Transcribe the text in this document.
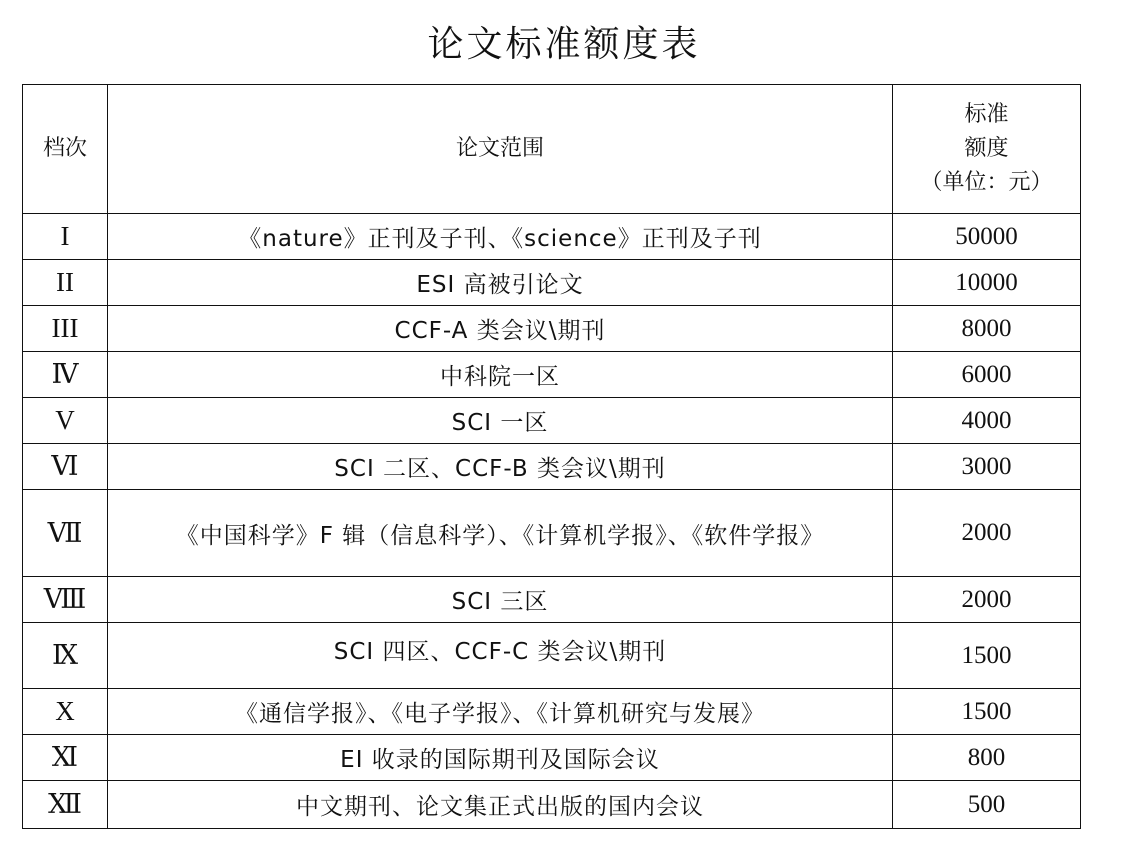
论文标准额度表
档次	论文范围	标准
额度
（单位：元）

I	《nature》正刊及子刊、《science》正刊及子刊	50000
II	ESI 高被引论文	10000
III	CCF-A 类会议\期刊	8000
Ⅳ	中科院一区	6000
V	SCI 一区	4000
Ⅵ	SCI 二区、CCF-B 类会议\期刊	3000
Ⅶ	《中国科学》F 辑（信息科学）、《计算机学报》、《软件学报》	2000
Ⅷ	SCI 三区	2000
Ⅸ	SCI 四区、CCF-C 类会议\期刊	1500
X	《通信学报》、《电子学报》、《计算机研究与发展》	1500
Ⅺ	EI 收录的国际期刊及国际会议	800
Ⅻ	中文期刊、论文集正式出版的国内会议	500
